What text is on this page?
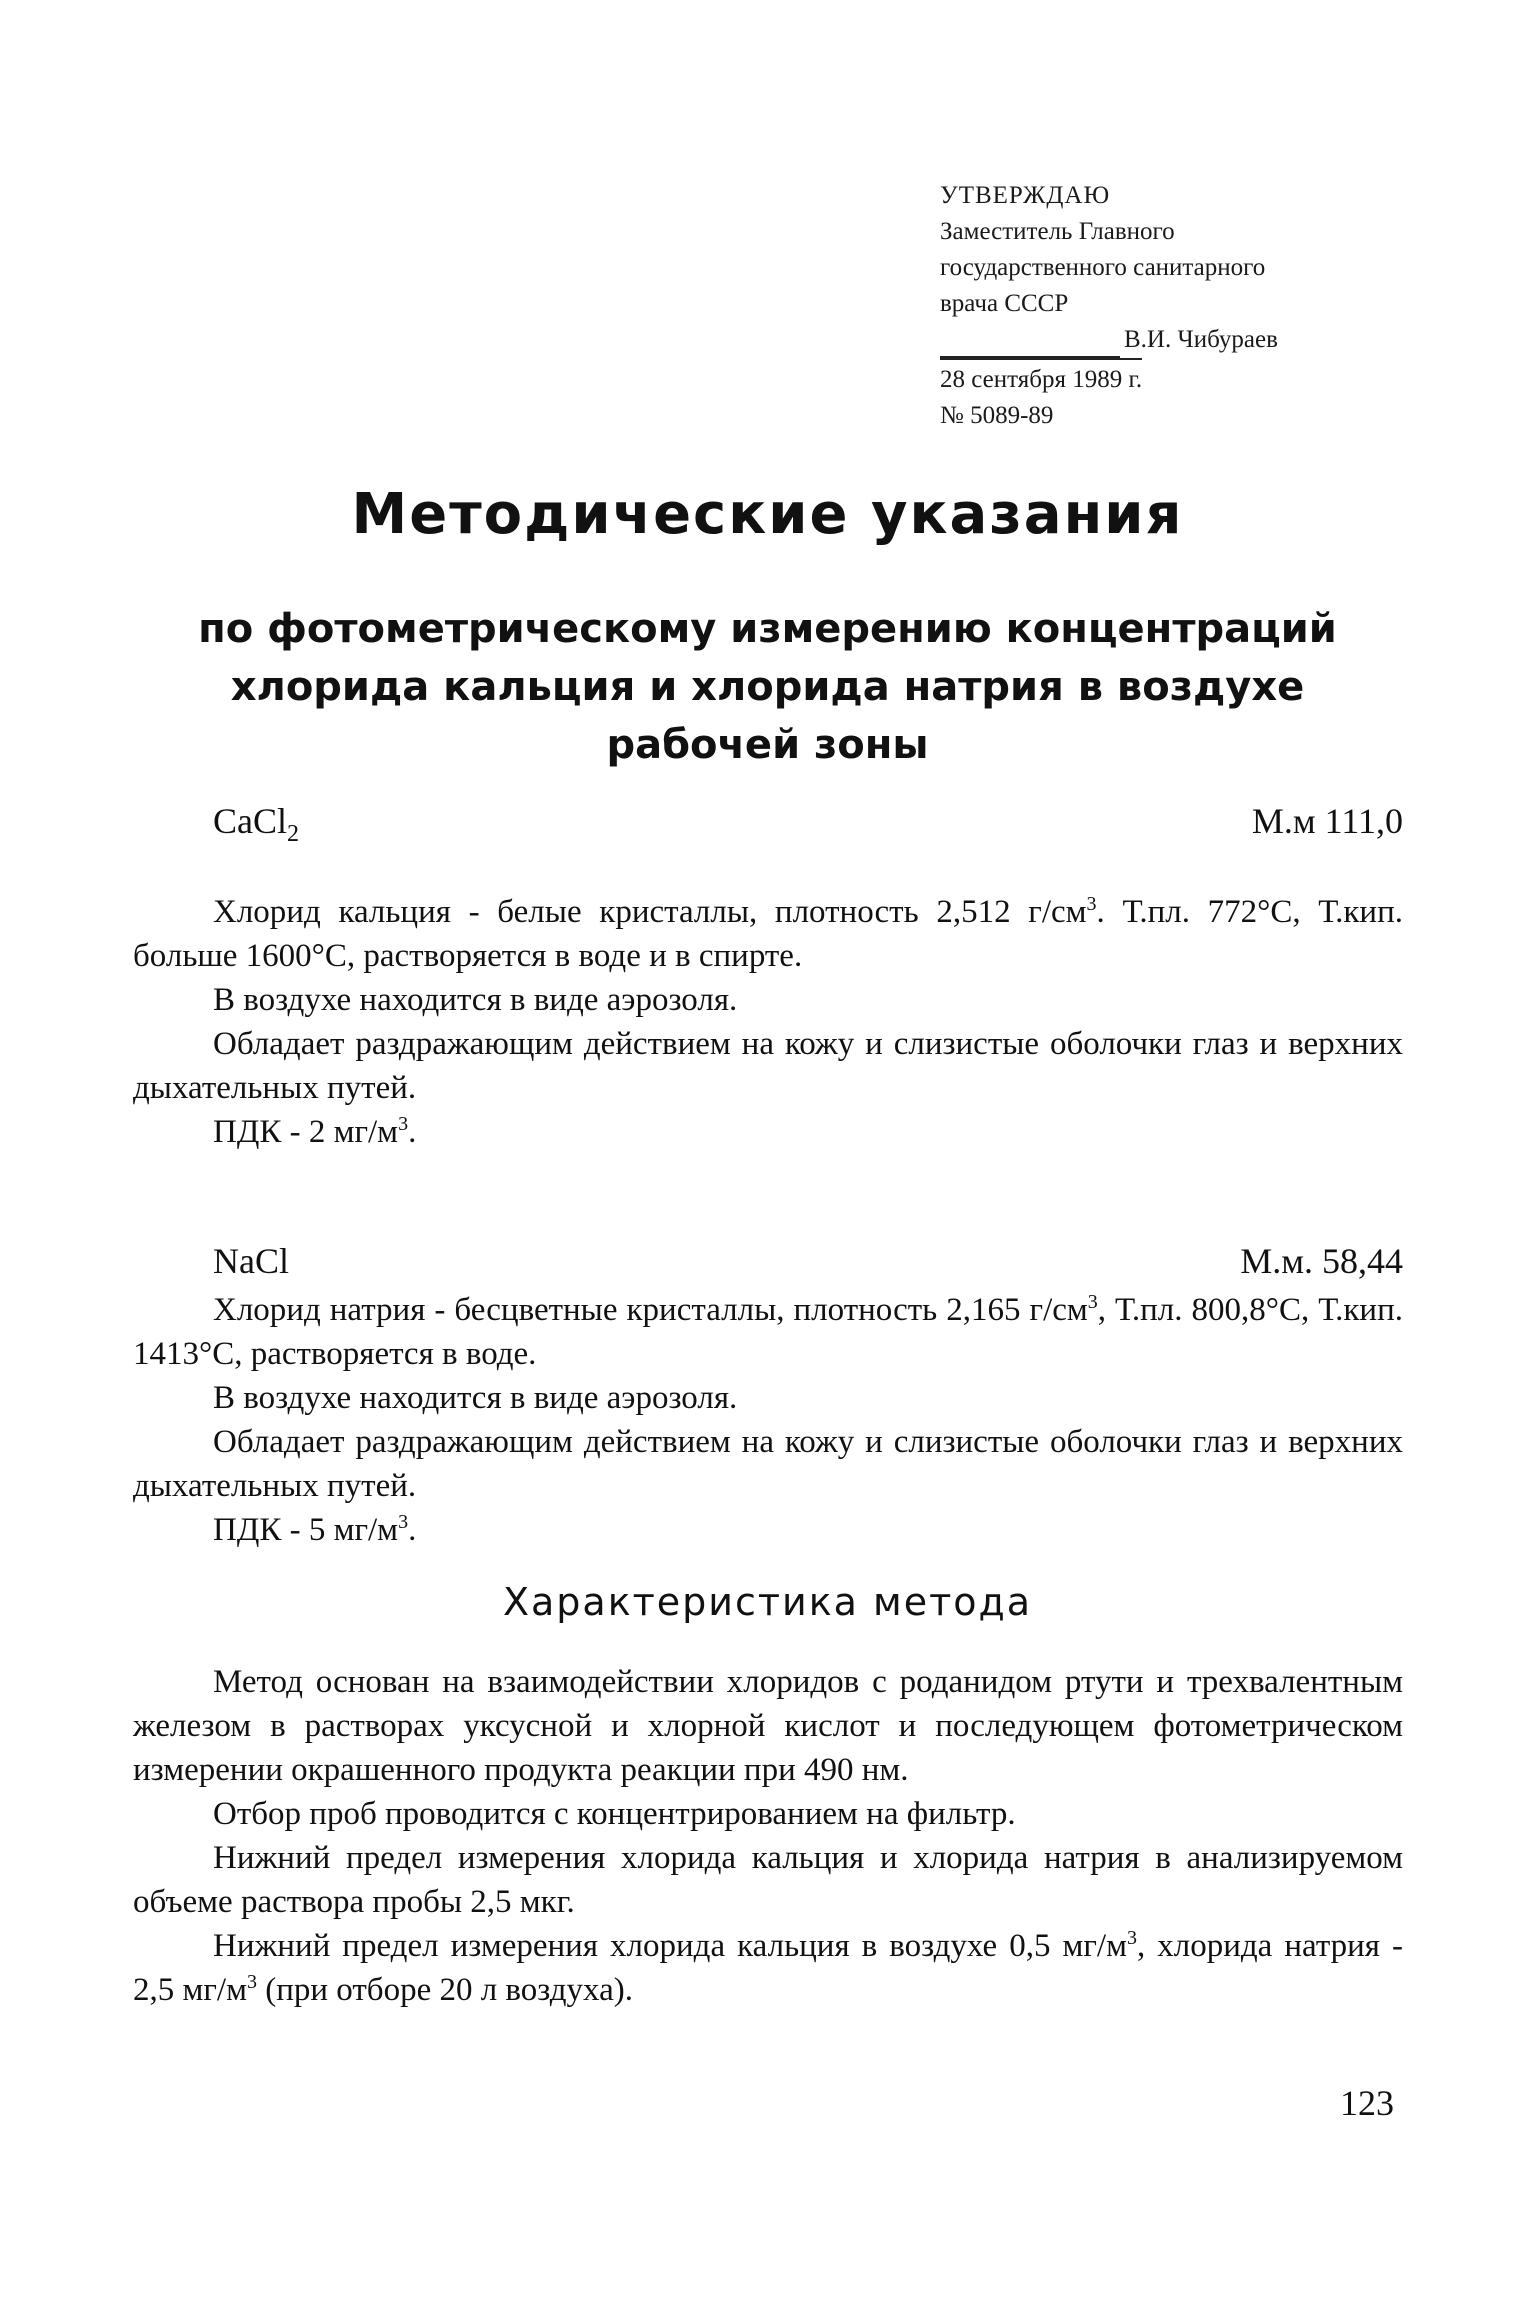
УТВЕРЖДАЮ
Заместитель Главного
государственного санитарного
врача СССР
В.И. Чибураев
28 сентября 1989 г.
№ 5089-89
Методические указания
по фотометрическому измерению концентраций
хлорида кальция и хлорида натрия в воздухе
рабочей зоны
CaCl$_2$	М.м 111,0

Хлорид кальция - белые кристаллы, плотность 2,512 $г/см^3$. Т.пл. 772°С, Т.кип. больше 1600°С, растворяется в воде и в спирте.

В воздухе находится в виде аэрозоля.

Обладает раздражающим действием на кожу и слизистые оболочки глаз и верхних дыхательных путей.

ПДК - 2 $мг/м^3$.

NaCl	М.м. 58,44

Хлорид натрия - бесцветные кристаллы, плотность 2,165 $г/см^3$, Т.пл. 800,8°С, Т.кип. 1413°С, растворяется в воде.

В воздухе находится в виде аэрозоля.

Обладает раздражающим действием на кожу и слизистые оболочки глаз и верхних дыхательных путей.

ПДК - 5 $мг/м^3$.

Характеристика метода

Метод основан на взаимодействии хлоридов с роданидом ртути и трехвалентным железом в растворах уксусной и хлорной кислот и последующем фотометрическом измерении окрашенного продукта реакции при 490 нм.

Отбор проб проводится с концентрированием на фильтр.

Нижний предел измерения хлорида кальция и хлорида натрия в анализируемом объеме раствора пробы 2,5 мкг.

Нижний предел измерения хлорида кальция в воздухе 0,5 $мг/м^3$, хлорида натрия - 2,5 $мг/м^3$ (при отборе 20 л воздуха).

123
